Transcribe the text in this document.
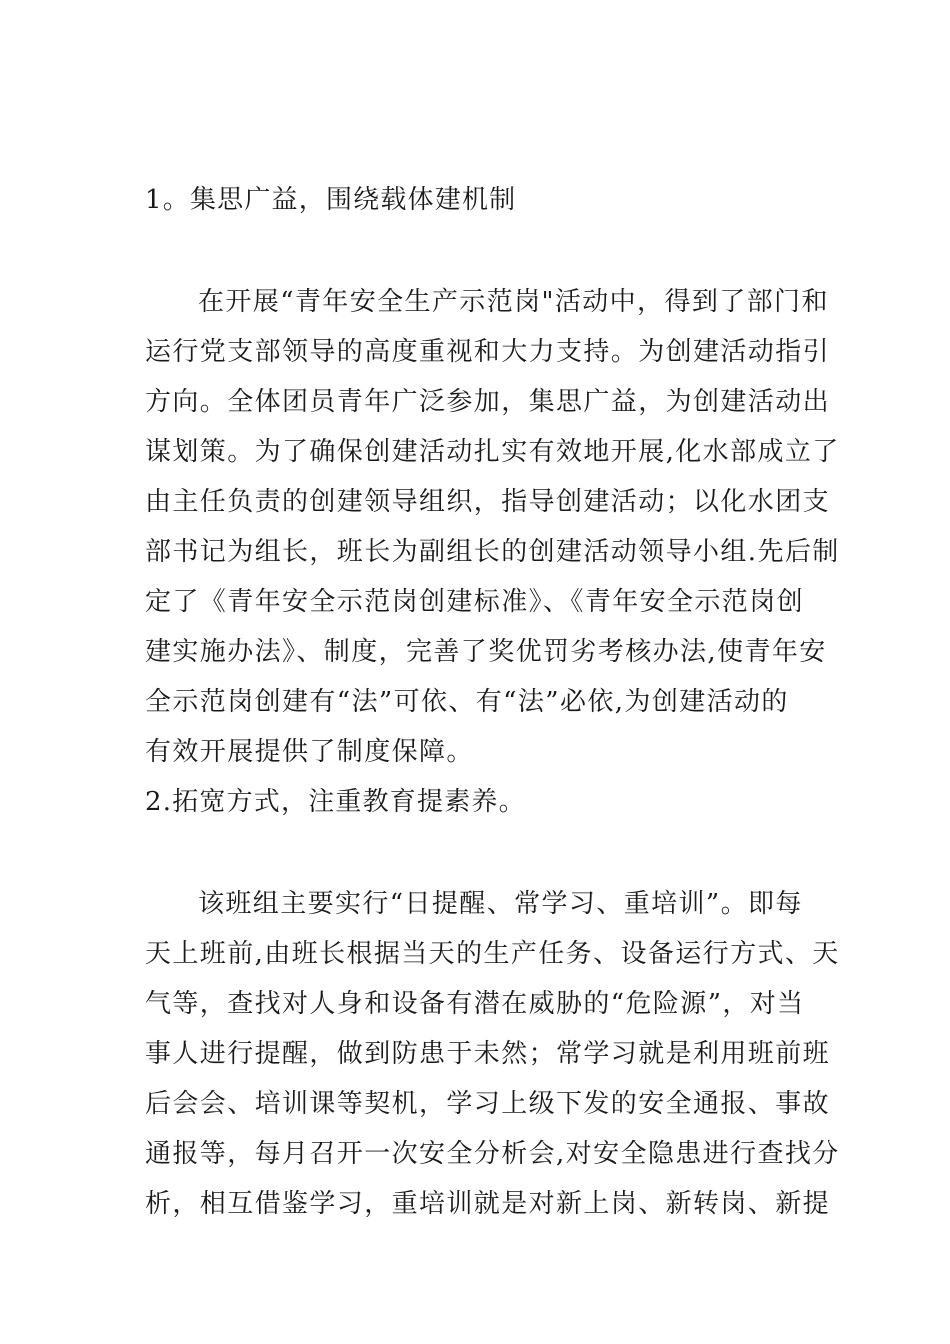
1。集思广益，围绕载体建机制
在开展“青年安全生产示范岗"活动中，得到了部门和
运行党支部领导的高度重视和大力支持。为创建活动指引
方向。全体团员青年广泛参加，集思广益，为创建活动出
谋划策。为了确保创建活动扎实有效地开展,化水部成立了
由主任负责的创建领导组织，指导创建活动；以化水团支
部书记为组长，班长为副组长的创建活动领导小组.先后制
定了《青年安全示范岗创建标准》、《青年安全示范岗创
建实施办法》、制度，完善了奖优罚劣考核办法,使青年安
全示范岗创建有“法”可依、有“法”必依,为创建活动的
有效开展提供了制度保障。
2.拓宽方式，注重教育提素养。
该班组主要实行“日提醒、常学习、重培训”。即每
天上班前,由班长根据当天的生产任务、设备运行方式、天
气等，查找对人身和设备有潜在威胁的“危险源”，对当
事人进行提醒，做到防患于未然；常学习就是利用班前班
后会会、培训课等契机，学习上级下发的安全通报、事故
通报等，每月召开一次安全分析会,对安全隐患进行查找分
析，相互借鉴学习，重培训就是对新上岗、新转岗、新提
